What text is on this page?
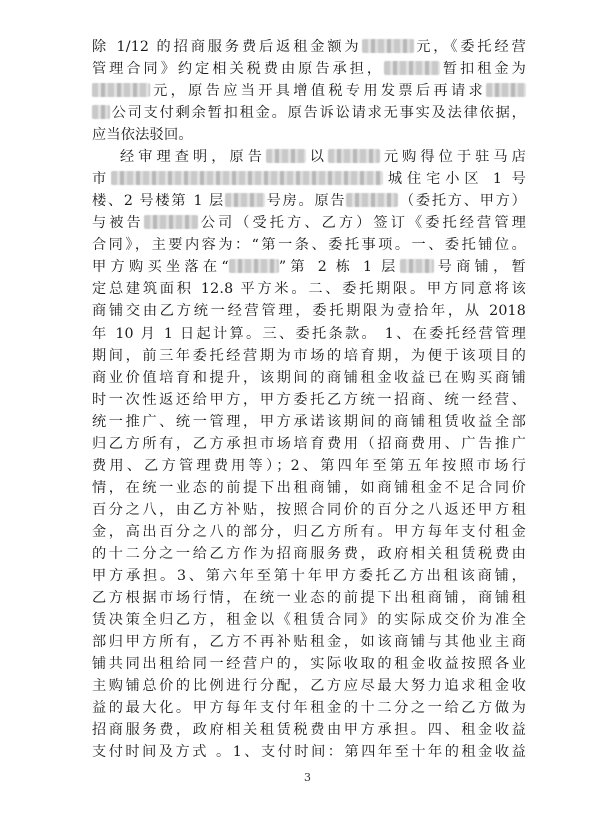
除 1/12 的招商服务费后返租金额为	元，《委托经营
管理合同》约定相关税费由原告承担，	暂扣租金为
元，原告应当开具增值税专用发票后再请求
公司支付剩余暂扣租金。原告诉讼请求无事实及法律依据，
应当依法驳回。
经审理查明，原告	以	元购得位于驻马店
市	城住宅小区 1 号
楼、2 号楼第 1 层	号房。原告	（委托方、甲方）
与被告	公司（受托方、乙方）签订《委托经营管理
合同》，主要内容为：“第一条、委托事项。一、委托铺位。
甲方购买坐落在“	”第 2 栋 1 层 号商铺，暂
定总建筑面积 12.8 平方米。二、委托期限。甲方同意将该
商铺交由乙方统一经营管理，委托期限为壹拾年，从 2018
年 10 月 1 日起计算。三、委托条款。 1、在委托经营管理
期间，前三年委托经营期为市场的培育期，为便于该项目的
商业价值培育和提升，该期间的商铺租金收益已在购买商铺
时一次性返还给甲方，甲方委托乙方统一招商、统一经营、
统一推广、统一管理，甲方承诺该期间的商铺租赁收益全部
归乙方所有，乙方承担市场培育费用（招商费用、广告推广
费用、乙方管理费用等）；2、第四年至第五年按照市场行
情，在统一业态的前提下出租商铺，如商铺租金不足合同价
百分之八，由乙方补贴，按照合同价的百分之八返还甲方租
金，高出百分之八的部分，归乙方所有。甲方每年支付租金
的十二分之一给乙方作为招商服务费，政府相关租赁税费由
甲方承担。3、第六年至第十年甲方委托乙方出租该商铺，
乙方根据市场行情，在统一业态的前提下出租商铺，商铺租
赁决策全归乙方，租金以《租赁合同》的实际成交价为准全
部归甲方所有，乙方不再补贴租金，如该商铺与其他业主商
铺共同出租给同一经营户的，实际收取的租金收益按照各业
主购铺总价的比例进行分配，乙方应尽最大努力追求租金收
益的最大化。甲方每年支付年租金的十二分之一给乙方做为
招商服务费，政府相关租赁税费由甲方承担。四、租金收益
支付时间及方式 。1、支付时间：第四年至十年的租金收益
3
